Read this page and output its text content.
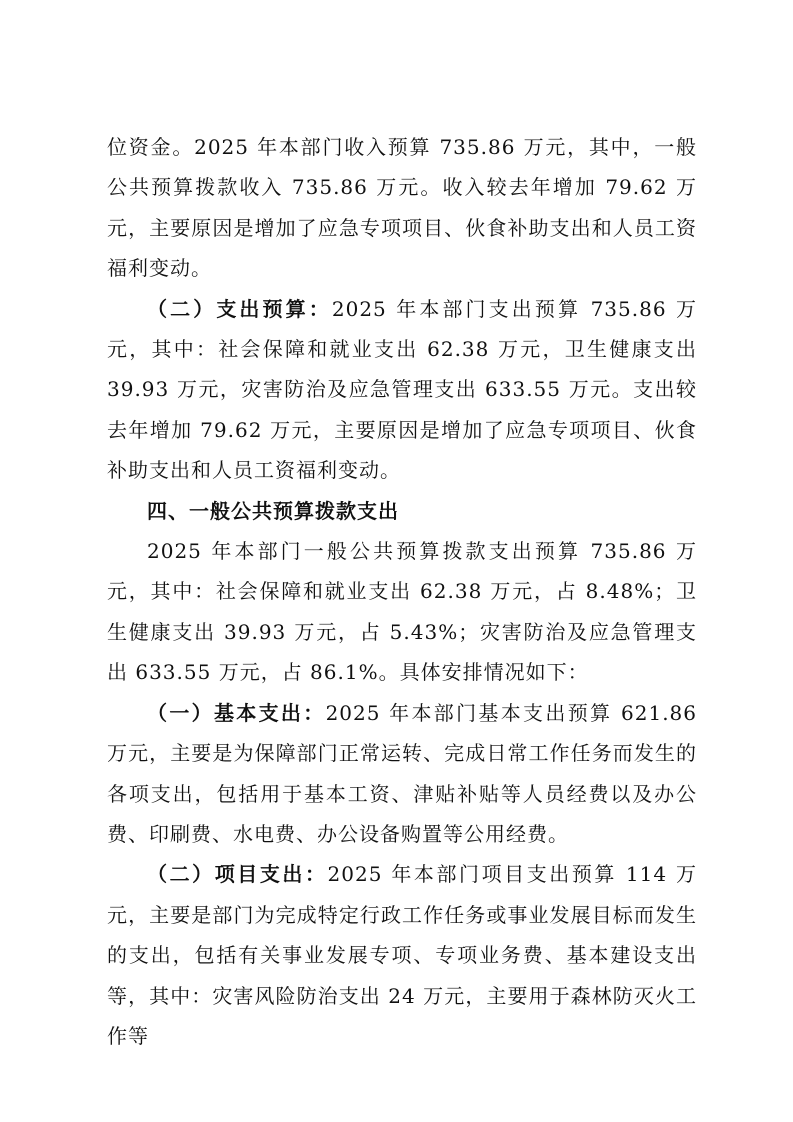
位资金。2025 年本部门收入预算 735.86 万元，其中，一般公共预算拨款收入 735.86 万元。收入较去年增加 79.62 万元，主要原因是增加了应急专项项目、伙食补助支出和人员工资福利变动。

（二）支出预算：2025 年本部门支出预算 735.86 万元，其中：社会保障和就业支出 62.38 万元，卫生健康支出 39.93 万元，灾害防治及应急管理支出 633.55 万元。支出较去年增加 79.62 万元，主要原因是增加了应急专项项目、伙食补助支出和人员工资福利变动。

四、一般公共预算拨款支出

2025 年本部门一般公共预算拨款支出预算 735.86 万元，其中：社会保障和就业支出 62.38 万元，占 8.48%；卫生健康支出 39.93 万元，占 5.43%；灾害防治及应急管理支出 633.55 万元，占 86.1%。具体安排情况如下：

（一）基本支出：2025 年本部门基本支出预算 621.86 万元，主要是为保障部门正常运转、完成日常工作任务而发生的各项支出，包括用于基本工资、津贴补贴等人员经费以及办公费、印刷费、水电费、办公设备购置等公用经费。

（二）项目支出：2025 年本部门项目支出预算 114 万元，主要是部门为完成特定行政工作任务或事业发展目标而发生的支出，包括有关事业发展专项、专项业务费、基本建设支出等，其中：灾害风险防治支出 24 万元，主要用于森林防灭火工作等
